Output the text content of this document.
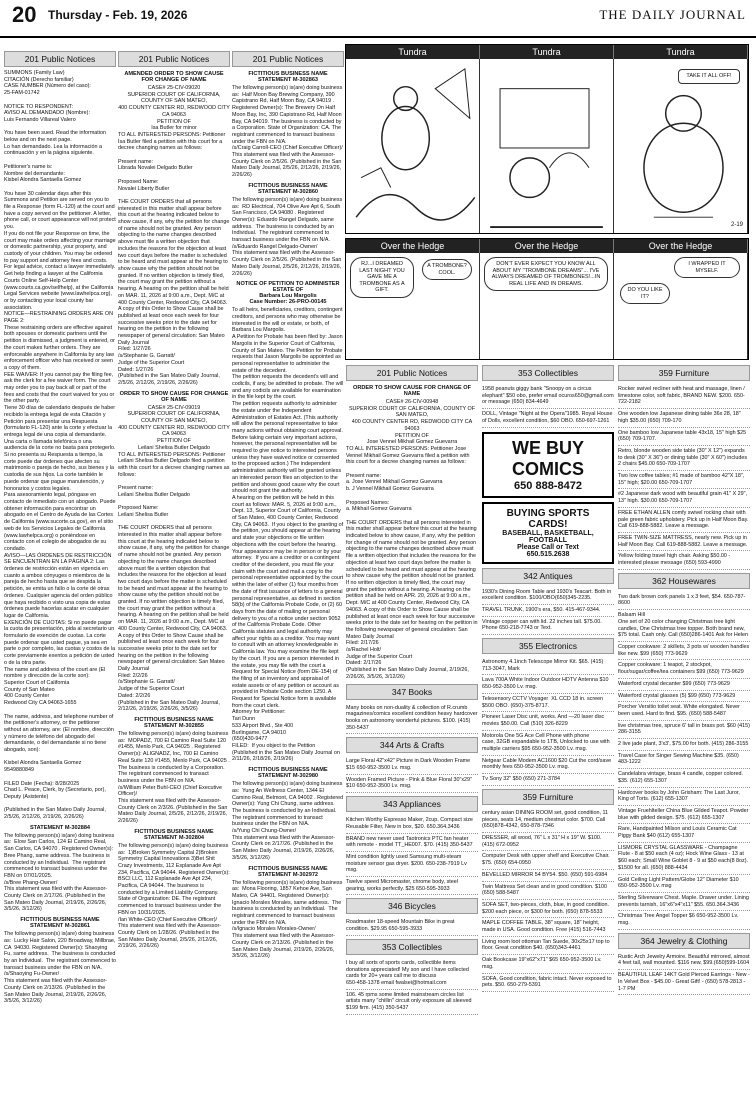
20 Thursday - Feb. 19, 2026	THE DAILY JOURNAL
201 Public Notices
SUMMONS (Family Law)
CITACIÓN (Derecho familiar)
CASE NUMBER (Número del caso):
25-FAM-01742

NOTICE TO RESPONDENT:
AVISO AL DEMANDADO (Nombre):
Luis Fernando Villareal Valero

You have been sued. Read the information below and on the next page.
Lo han demandado. Lea la información a continuación y en la página siguiente.

Petitioner's name is:
Nombre del demandante:
Kisbel Alondra Santaella Gomez

You have 30 calendar days after this Summons and Petition are served on you to file a Response (form FL-120) at the court and have a copy served on the petitioner. A letter, phone call, or court appearance will not protect you.
If you do not file your Response on time, the court may make orders affecting your marriage or domestic partnership, your property, and custody of your children. You may be ordered to pay support and attorney fees and costs.
For legal advice, contact a lawyer immediately. Get help finding a lawyer at the California Courts Online Self-Help Center (www.courts.ca.gov/selfhelp), at the California Legal Services website (www.lawhelpca.org), or by contacting your local county bar association.
NOTICE—RESTRAINING ORDERS ARE ON PAGE 2:
These restraining orders are effective against both spouses or domestic partners until the petition is dismissed, a judgment is entered, or the court makes further orders. They are enforceable anywhere in California by any law enforcement officer who has received or seen a copy of them.
FEE WAIVER: If you cannot pay the filing fee, ask the clerk for a fee waiver form. The court may order you to pay back all or part of the fees and costs that the court waived for you or the other party.
Tiene 30 días de calendario después de haber recibido la entrega legal de esta Citación y Petición para presentar una Respuesta (formulario FL-120) ante la corte y efectuar la entrega legal de una copia al demandante. Una carta o llamada telefónica o una audiencia de la corte no basta para protegerlo.
Si no presenta su Respuesta a tiempo, la corte puede dar órdenes que afecten su matrimonio o pareja de hecho, sus bienes y la custodia de sus hijos. La corte también le puede ordenar que pague manutención, y honorarios y costos legales.
Para asesoramiento legal, póngase en contacto de inmediato con un abogado. Puede obtener información para encontrar un abogado en el Centro de Ayuda de las Cortes de California (www.sucorte.ca.gov), en el sitio web de los Servicios Legales de California (www.lawhelpca.org) o poniéndose en contacto con el colegio de abogados de su condado.
AVISO—LAS ÓRDENES DE RESTRICCIÓN SE ENCUENTRAN EN LA PÁGINA 2: Las órdenes de restricción están en vigencia en cuanto a ambos cónyuges o miembros de la pareja de hecho hasta que se despida la petición, se emita un fallo o la corte dé otras órdenes. Cualquier agencia del orden público que haya recibido o visto una copia de estas órdenes puede hacerlas acatar en cualquier lugar de California.
EXENCIÓN DE CUOTAS: Si no puede pagar la cuota de presentación, pida al secretario un formulario de exención de cuotas. La corte puede ordenar que usted pague, ya sea en parte o por completo, las cuotas y costos de la corte previamente exentos a petición de usted o de la otra parte.
The name and address of the court are (El nombre y dirección de la corte son):
Superior Court of California
County of San Mateo
400 County Center
Redwood City CA 94063-1655

The name, address, and telephone number of the petitioner's attorney, or the petitioner without an attorney, are: (El nombre, dirección y número de teléfono del abogado del demandante, o del demandante si no tiene abogado, son):

Kisbel Alondra Santaella Gomez
9549880849

FILED Date (Fecha): 8/28/2025
Chad L. Peace, Clerk, by (Secretario, por), Deputy (Asistente)

(Published in the San Mateo Daily Journal, 2/5/26, 2/12/26, 2/19/26, 2/26/26)
STATEMENT M-302884
The following person(s) is(are) doing business as:  Elow San Carlos, 124 El Camino Real, San Carlos, CA 94070 . Registered Owner(s): Bree Phang, same address. The business is conducted by an Individual.  The registrant commenced to transact business under the FBN on 07/01/2025.
/s/Bree Phang-Owner/
This statement was filed with the Assessor-County Clerk on 2/17/26. (Published in the San Mateo Daily Journal, 2/19/26, 2/26/26, 3/5/26, 3/12/26)
FICTITIOUS BUSINESS NAME STATEMENT M-302861
The following person(s) is(are) doing business as:  Lucky Hair Salon, 220 Broadway, Millbrae, CA  94030. Registered Owner(s): Shaoying Fu, same address.  The business is conducted by an Individual.  The registrant commenced to transact business under the FBN on N/A.
/s/Shaoying Fu-Owner/
This statement was filed with the Assessor-County Clerk on 2/13/26. (Published in the San Mateo Daily Journal, 2/19/26, 2/26/26, 3/5/26, 3/12/26)
201 Public Notices
AMENDED ORDER TO SHOW CAUSE FOR CHANGE OF NAME
CASE# 25-CIV-09020
SUPERIOR COURT OF CALIFORNIA, COUNTY OF SAN MATEO,
400 COUNTY CENTER RD, REDWOOD CITY CA 94063
PETITION OF
Isa Butler for minor
TO ALL INTERESTED PERSONS: Petitioner Isa Butler filed a petition with this court for a decree changing names as follows:

Present name:
Librada Novalei Delgado Butler

Proposed Name:
Novalei Liberty Butler

THE COURT ORDERS that all persons interested in this matter shall appear before this court at the hearing indicated below to show cause, if any, why the petition for change of name should not be granted. Any person objecting to the name changes described above must file a written objection that includes the reasons for the objection at least two court days before the matter is scheduled to be heard and must appear at the hearing to show cause why the petition should not be granted. If no written objection is timely filed, the court may grant the petition without a hearing. A hearing on the petition shall be held on MAR. 11, 2026 at 9:00 a.m., Dept. M/C at 400 County Center, Redwood City, CA 94063. A copy of this Order to Show Cause shall be published at least once each week for four successive weeks prior to the date set for hearing on the petition in the following newspaper of general circulation: San Mateo Daily Journal
Filed: 1/27/26
/s/Stephanie G. Garratt/
Judge of the Superior Court
Dated: 1/27/26
(Published in the San Mateo Daily Journal, 2/5/26, 2/12/26, 2/19/26, 2/26/26)
ORDER TO SHOW CAUSE FOR CHANGE OF NAME
CASE# 25-CIV-09019
SUPERIOR COURT OF CALIFORNIA, COUNTY OF SAN MATEO,
400 COUNTY CENTER RD, REDWOOD CITY CA 94063
PETITION OF
Leilani Shelisa Butler Delgado
TO ALL INTERESTED PERSONS: Petitioner Leilani Shelisa Butler Delgado filed a petition with this court for a decree changing names as follows:

Present name:
Leilani Shelisa Butler Delgado

Proposed Name:
Leilani Shelisa Butler

THE COURT ORDERS that all persons interested in this matter shall appear before this court at the hearing indicated below to show cause, if any, why the petition for change of name should not be granted. Any person objecting to the name changes described above must file a written objection that includes the reasons for the objection at least two court days before the matter is scheduled to be heard and must appear at the hearing to show cause why the petition should not be granted. If no written objection is timely filed, the court may grant the petition without a hearing. A hearing on the petition shall be held on MAR. 11, 2026 at 9:00 a.m., Dept. M/C at 400 County Center, Redwood City, CA 94063. A copy of this Order to Show Cause shall be published at least once each week for four successive weeks prior to the date set for hearing on the petition in the following newspaper of general circulation: San Mateo Daily Journal
Filed: 2/2/26
/s/Stephanie G. Garratt/
Judge of the Superior Court
Dated: 2/2/26
(Published in the San Mateo Daily Journal, 2/12/26, 2/19/26, 2/26/26, 3/5/26)
FICTITIOUS BUSINESS NAME STATEMENT M-302855
The following person(s) is(are) doing business as:  MOPADZ, 700 El Camino Real Suite 120 #1455, Menlo Park, CA 94025 . Registered Owner(s): ALIGNADZ, Inc, 700 El Camino Real Suite 120 #1455, Menlo Park, CA 94025 . The business is conducted by a Corporation.  The registrant commenced to transact business under the FBN on N/A.
/s/William Peter Buhl-CEO (Chief Executive Officer)/
This statement was filed with the Assessor-County Clerk on 2/3/26. (Published in the San Mateo Daily Journal, 2/5/26, 2/12/26, 2/19/26, 2/26/26)
FICTITIOUS BUSINESS NAME STATEMENT M-302804
The following person(s) is(are) doing business as:  1)Broken Symmetry Capital 2)Broken Symmetry Capital Innovations 3)Bet Shit Crazy Investments, 112 Esplanade Ave Apt 234, Pacifica, CA 94044. Registered Owner(s): BSCI LLC, 112 Esplanade Ave Apt 234, Pacifica, CA 94044. The business is conducted by a Limited Liability Company. State of Organization: DE. The registrant commenced to transact business under the FBN on 10/31/2025.
/Ian White-CEO (Chief Executive Officer)/
This statement was filed with the Assessor-County Clerk on 1/28/26. (Published in the San Mateo Daily Journal, 2/5/26, 2/12/26, 2/19/26, 2/26/26)
201 Public Notices
FICTITIOUS BUSINESS NAME STATEMENT M-302863
The following person(s) is(are) doing business as:  Half Moon Bay Brewing Company, 390 Capistrano Rd, Half Moon Bay, CA 94019 . Registered Owner(s): The Brewery On Half Moon Bay, Inc, 390 Capistrano Rd, Half Moon Bay, CA 94019. The business is conducted by a Corporation. State of Organization: CA. The registrant commenced to transact business under the FBN on N/A.
/s/Craig Carroll-CEO (Chief Executive Officer)/
This statement was filed with the Assessor-County Clerk on 2/5/26. (Published in the San Mateo Daily Journal, 2/5/26, 2/12/26, 2/19/26, 2/26/26)
FICTITIOUS BUSINESS NAME STATEMENT M-302860
The following person(s) is(are) doing business as:  RD Electrical, 704 Olive Ave Apt 6, South San Francisco, CA 94080 . Registered Owner(s): Eduardo Rangel Delgado, same address.  The business is conducted by an Individual.  The registrant commenced to transact business under the FBN on N/A.
/s/Eduardo Rangel Delgado-Owner/
This statement was filed with the Assessor-County Clerk on 2/5/26. (Published in the San Mateo Daily Journal, 2/5/26, 2/12/26, 2/19/26, 2/26/26)
NOTICE OF PETITION TO ADMINISTER ESTATE OF
Barbara Lou Margolis
Case Number: 26-PRO-00145
To all heirs, beneficiaries, creditors, contingent creditors, and persons who may otherwise be interested in the will or estate, or both, of Barbara Lou Margolis.
A Petition for Probate has been filed by: Jason Margolis in the Superior Court of California, County of San Mateo. The Petition for Probate requests that Jason Margolis be appointed as personal representative to administer the estate of the decedent.
The petition requests the decedent's will and codicils, if any, be admitted to probate. The will and any codicils are available for examination in the file kept by the court.
The petition requests authority to administer the estate under the Independent Administration of Estates Act. (This authority will allow the personal representative to take many actions without obtaining court approval. Before taking certain very important actions, however, the personal representative will be required to give notice to interested persons unless they have waived notice or consented to the proposed action.) The independent administration authority will be granted unless an interested person files an objection to the petition and shows good cause why the court should not grant the authority.
A hearing on the petition will be held in this court as follows: MAR. 5, 2026 at 9:00 a.m., Dept. 13, Superior Court of California, County of San Mateo, 400 County Center, Redwood City, CA 94063.  If you object to the granting of the petition, you should appear at the hearing and state your objections or file written objections with the court before the hearing. Your appearance may be in person or by your attorney.  If you are a creditor or a contingent creditor of the decedent, you must file your claim with the court and mail a copy to the personal representative appointed by the court within the later of either (1) four months from the date of first issuance of letters to a general personal representative, as defined in section 58(b) of the California Probate Code, or (2) 60 days from the date of mailing or personal delivery to you of a notice under section 9052 of the California Probate Code. Other California statutes and legal authority may affect your rights as a creditor. You may want to consult with an attorney knowledgeable in California law. You may examine the file kept by the court. If you are a person interested in the estate, you may file with the court a Request for Special Notice (form DE-154) of the filing of an inventory and appraisal of estate assets or of any petition or account as provided in Probate Code section 1250. A Request for Special Notice form is available from the court clerk.
Attorney for Petitioner:
Tari Dunn
533 Airport Blvd., Ste 400
Burlingame, CA 94010
(650)430-9477
FILED:  If you object to the Petition
(Published in the San Mateo Daily Journal on 2/11/26, 2/18/26, 2/19/26)
FICTITIOUS BUSINESS NAME STATEMENT M-302980
The following person(s) is(are) doing business as:  Yung An Wellness Center, 1344 El Camino Real, Belmont, CA 94002 . Registered Owner(s): Yung Chi Chung, same address. The business is conducted by an Individual.  The registrant commenced to transact business under the FBN on N/A.
/s/Yung Chi Chung-Owner/
This statement was filed with the Assessor-County Clerk on 2/17/26. (Published in the San Mateo Daily Journal, 2/19/26, 2/26/26, 3/5/26, 3/12/26)
FICTITIOUS BUSINESS NAME STATEMENT M-302972
The following person(s) is(are) doing business as:  Mona Flooring, 1857 Kehoe Ave, San Mateo, CA  94401. Registered Owner(s): Ignacio Morales Morales, same address.  The business is conducted by an Individual.  The registrant commenced to transact business under the FBN on N/A.
/s/Ignacio Morales Morales-Owner/
This statement was filed with the Assessor-County Clerk on 2/13/26. (Published in the San Mateo Daily Journal, 2/19/26, 2/26/26, 3/5/26, 3/12/26)
Tundra	Tundra	Tundra
TAKE IT ALL OFF!
2-19
Over the Hedge	Over the Hedge	Over the Hedge
RJ...I DREAMED LAST NIGHT YOU GAVE ME A TROMBONE AS A GIFT.
A TROMBONE? COOL.
DON'T EVER EXPECT YOU KNOW ALL ABOUT MY "TROMBONE DREAMS"... I'VE ALWAYS DREAMED OF TROMBONES!...IN REAL LIFE AND IN DREAMS.
I WRAPPED IT MYSELF.
DO YOU LIKE IT?
201 Public Notices
ORDER TO SHOW CAUSE FOR CHANGE OF NAME
CASE# 26-CIV-00948
SUPERIOR COURT OF CALIFORNIA, COUNTY OF SAN MATEO,
400 COUNTY CENTER RD, REDWOOD CITY CA 94063
PETITION OF
Jose Vennel Mikhail Gomez Guevarra
TO ALL INTERESTED PERSONS: Petitioner Jose Vennel Mikhail Gomez Guevarra filed a petition with this court for a decree changing names as follows:

Present name:
a. Jose Vennel Mikhail Gomez Guevarra
b. J Vennel Mikhail Gomez Guevarra

Proposed Names:
a. Mikhail Gomez Guevarra

THE COURT ORDERS that all persons interested in this matter shall appear before this court at the hearing indicated below to show cause, if any, why the petition for change of name should not be granted. Any person objecting to the name changes described above must file a written objection that includes the reasons for the objection at least two court days before the matter is scheduled to be heard and must appear at the hearing to show cause why the petition should not be granted. If no written objection is timely filed, the court may grant the petition without a hearing. A hearing on the petition shall be held on APR. 20, 2026 at 9:00 a.m., Dept. M/C at 400 County Center, Redwood City, CA 94063. A copy of this Order to Show Cause shall be published at least once each week for four successive weeks prior to the date set for hearing on the petition in the following newspaper of general circulation: San Mateo Daily Journal
Filed: 2/17/26
/s/Rachel Holt/
Judge of the Superior Court
Dated: 2/17/26
(Published in the San Mateo Daily Journal, 2/19/26, 2/26/26, 3/5/26, 3/12/26)
347 Books
Many books on non-duality & collection of R.crumb magazines/comics excellent condition heavy hardcover books on astronomy wonderful pictures. $100. (415) 350-5437
344 Arts & Crafts
Large Floral 42"x42" Picture in Dark Wooden Frame $15 650-952-3500 Lv. msg.
Wooden Framed Picture - Pink & Blue Floral 30"x29" $10 650-952-3500 Lv. msg.
343 Appliances
Kitchen Worthy Espresso Maker, 2cup. Compact size Reusable Filter, New in box, $20. 650.364.3436
BRAND new never used Taotronics PTC fan heater with remote - model TT_HE007. $70. (415) 350-5437
Mint condition lightly used Samsung multi-steam moisture sensor gas dryer. $200. 650-238-7919 Lv msg.
Twelve speed Micromaster, chrome body, steel gearing, works perfectly. $25 650-595-3933
346 Bicycles
Roadmaster 18-speed Mountain Bike in great condition. $29.95 650-595-3933
353 Collectibles
I buy all sorts of sports cards, collectible items donations appreciated! My son and I have collected cards for 20+ years call me to discuss
650-458-1378 email fwalsei@hotmail.com
106. 45 rpms some limited mainstream circles list artists many "chillin" circuit only exposure all sleeved $199 firm. (415) 350-5437
353 Collectibles
1958 peanuts giggy bank "Snoopy on a circus elephant" $50 obo, prefer email ocuros650@gmail.com or message (650) 834-4649
DOLL, Vintage "Night at the Opera"1985. Royal House of Dolls, excellent condition, $60 OBO. 650-697-1261
WE BUY COMICS
650 888-8472
BUYING SPORTS CARDS!
BASEBALL, BASKETBALL, FOOTBALL
Please Call or Text
650.515.2638
342 Antiques
1930's Dining Room Table and 1930's Teacart. Both in excellent condition. $100/OBO(650)345-2235.
TRAVEL TRUNK, 1900's era, $50. 415-467-9344.
Vintage copper can with lid. 22 inches tall. $75.00. Phone 650-218-7743 or Text.
355 Electronics
Astronomy 4.1inch Telescope Mirror Kit. $65. (415) 713-3047, Mark
Lava 700A White Indoor Outdoor HDTV Antenna $10 650-952-3500 Lv. msg.
Telesensory CCTV Voyager  XL CCD 18 in. screen
$500 OBO. (650)-375-8717.
Pioneer Laser Disc unit, works. And —20 laser disc movies $50.00. Call (510) 326-8229
Motorola One 5G Ace Cell Phone with phone
case, 32GB expandable to 1TB, Unlocked to use with multiple carriers $95 650-952-3500 Lv. msg.
Netgear Cable Modem AC1600 $20 Cut the cord/save monthly fees 650-952-3500 Lv. msg.
Tv Sony 32" $50 (650) 271-3784
359 Furniture
century asian DINING ROOM set, good condition, 11 pieces, seats 14, medium chestnut color. $700. Call (650)878-4342, 650-878-7346
DRESSER, all wood, 76" L x 31" H x 19" W. $100. (415) 672-0952
Computer Desk with upper shelf and Executive Chair. $75. (650) 654-0950
BEVELLED MIRROR 54 BY54. $50. (650) 591-6984
Twin Mattress Set clean and in good condition. $100 (650) 588-5487
SOFA SET, two-pieces, cloth, blue, in good condition. $200 each piece, or $300 for both. (650) 878-5533
MAPLE COFFEE TABLE, 38" square, 18" height, made in USA. Good condition. Free (415) 516-7443
Living room loot ottoman Tan Suede, 30x25x17 top to floor. Great condition $40. (650)343-4461
Oak Bookcase 19"x62"x71" $65 650-952-3500 Lv. msg.
SOFA, Good condition, fabric intact. Never exposed to pets. $50. 650-279-5391
359 Furniture
Rocker swivel recliner with heat and massage, linen / limestone color, soft fabric, BRAND NEW. $200. 650-722-2182
One wooden low Japanese dining table 36x 28, 18" high $35.00 (650) 709-170
One bamboo low Japanese table 43x18, 15" high $25 (650) 709-1707.
Retro, blonde wooden side table (30" X 12") expands to desk (30" X 36") or dining table (30" X 60") includes 2 chairs $45.00 650-709-1707
Two low coffee tables; #1 made of bamboo 42"X 18", 15" high; $20.00 650-709-1707
#2 Japanese dark wood with beautiful grain 41" X 29", 13" high. $30.00 650-709-1707
FREE ETHAN ALLEN comfy swivel rocking chair with pale green fabric upholstery. Pick up in Half Moon Bay. Call 619-888-5882. Leave a message.
FREE TWIN-SIZE MATTRESS, nearly new. Pick up in Half Moon Bay. Call 619-888-5882. Leave a message.
Yellow folding travel high chair. Asking $50.00 - interested please message (650) 593-4990
362 Housewares
Two dark brown cork panels 1 x 3 feet, $54. 650-787-8600
Balsam Hill
One set of 20 color changing Christmas tree light candles, One Christmas tree topper. Both brand new, $75 total. Cash only. Call (650)286-1401 Ask for Helen
Copper cookware: 2 skillets, 3 pots w/ wooden handles like new. $99 (650) 773-9629
Copper cookware: 1 teapot, 2 stockpot, flour/sugar/coffee/tea containers $99 (650) 773-9629
Waterford crystal decanter $99 (650) 773-9629
Waterford crystal glasses (5) $99 (650) 773-9629
Porcher Versitio toilet seat. White elongated. Never been used. Hard to find. $95. (650) 588-5487
live christmas tree, spruce 6' tall in brass pot. $60 (415) 286-3155
2 live jade plant, 3'x3', $75.00 for both. (415) 286-3155
Travel Case for Singer Sewing Machine $35. (650) 483-1222
Candelabra vintage, brass 4 candle, copper colored. $35. (612) 655-1307
Hardcover books by John Grisham: The Last Juror, King of Torts. (612) 655-1307
Vintage Fruehlteller China Blue Gilded Teapot. Powder blue with gilded design. $75. (612) 655-1307
Rare, Handpainted Milson and Louis Ceramic Cat Piggy Bank $40 (612) 655-1307
LISMORE CRYSTAL GLASSWARE - Champagne Flute - 8 at $50 each (4 oz); Hock Wine Glass - 13 at $60 each; Small Wine Goblet 8 - 9 at $50 each(8 8oz). $1500 for all. (650) 888-4434
Gold Ceiling Light Pattern/Globe 12" Diameter $10 650-952-3500 Lv. msg
Sterling Silverware Chest. Maple. Drawer under. Lining prevents tarnish, 16"x6"x4"x11" $55. 650.364.3436
Christmas Tree Angel Topper $6 650-952-3500 Lv. msg.
364 Jewelry & Clothing
Rustic Arch Jewelry Armoire. Beautiful mirrored, almost 4 feet tall, wall mounted. $116 new, $99.(650)599-1604
BEAUTIFUL LEAF 14KT Gold Pierced Earrings - New - In Velvet Box - $45.00 - Great Gift! - (650) 578-2813 - 1-7 PM
